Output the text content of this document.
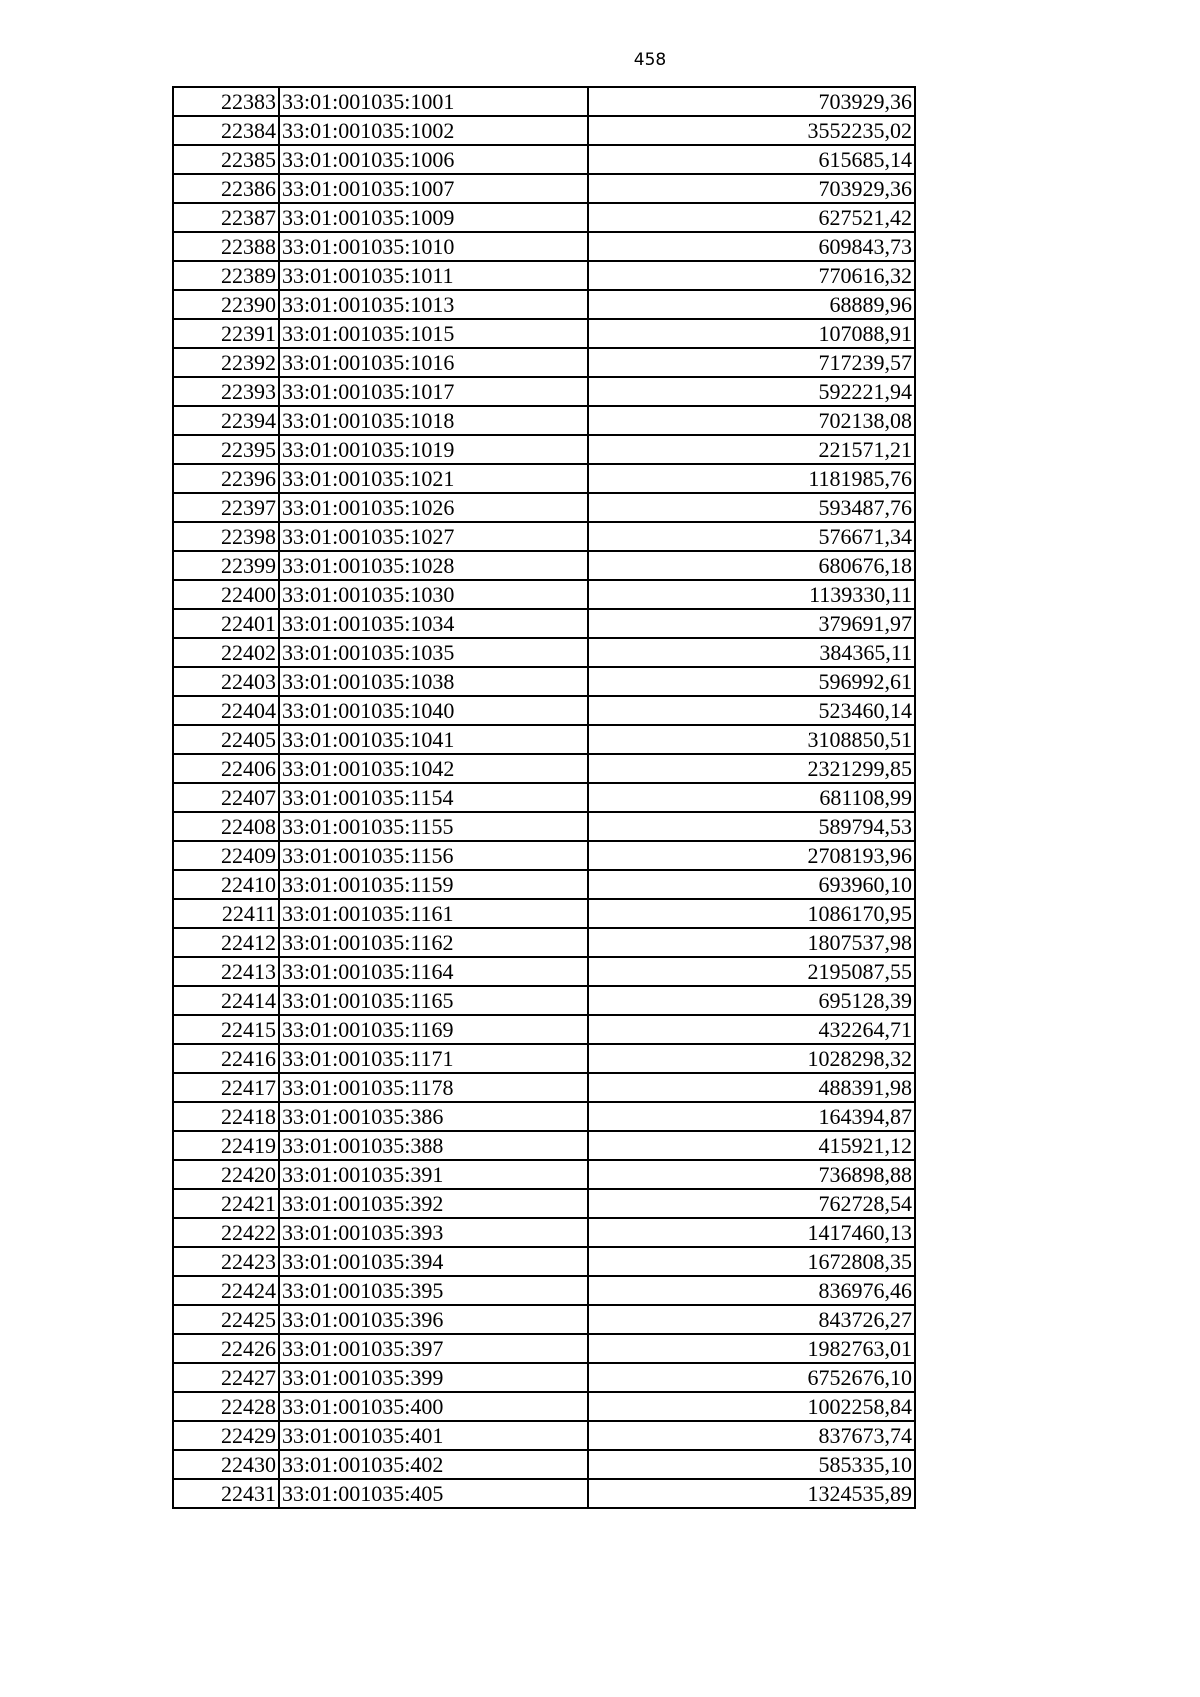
458
22383	33:01:001035:1001	703929,36
22384	33:01:001035:1002	3552235,02
22385	33:01:001035:1006	615685,14
22386	33:01:001035:1007	703929,36
22387	33:01:001035:1009	627521,42
22388	33:01:001035:1010	609843,73
22389	33:01:001035:1011	770616,32
22390	33:01:001035:1013	68889,96
22391	33:01:001035:1015	107088,91
22392	33:01:001035:1016	717239,57
22393	33:01:001035:1017	592221,94
22394	33:01:001035:1018	702138,08
22395	33:01:001035:1019	221571,21
22396	33:01:001035:1021	1181985,76
22397	33:01:001035:1026	593487,76
22398	33:01:001035:1027	576671,34
22399	33:01:001035:1028	680676,18
22400	33:01:001035:1030	1139330,11
22401	33:01:001035:1034	379691,97
22402	33:01:001035:1035	384365,11
22403	33:01:001035:1038	596992,61
22404	33:01:001035:1040	523460,14
22405	33:01:001035:1041	3108850,51
22406	33:01:001035:1042	2321299,85
22407	33:01:001035:1154	681108,99
22408	33:01:001035:1155	589794,53
22409	33:01:001035:1156	2708193,96
22410	33:01:001035:1159	693960,10
22411	33:01:001035:1161	1086170,95
22412	33:01:001035:1162	1807537,98
22413	33:01:001035:1164	2195087,55
22414	33:01:001035:1165	695128,39
22415	33:01:001035:1169	432264,71
22416	33:01:001035:1171	1028298,32
22417	33:01:001035:1178	488391,98
22418	33:01:001035:386	164394,87
22419	33:01:001035:388	415921,12
22420	33:01:001035:391	736898,88
22421	33:01:001035:392	762728,54
22422	33:01:001035:393	1417460,13
22423	33:01:001035:394	1672808,35
22424	33:01:001035:395	836976,46
22425	33:01:001035:396	843726,27
22426	33:01:001035:397	1982763,01
22427	33:01:001035:399	6752676,10
22428	33:01:001035:400	1002258,84
22429	33:01:001035:401	837673,74
22430	33:01:001035:402	585335,10
22431	33:01:001035:405	1324535,89
